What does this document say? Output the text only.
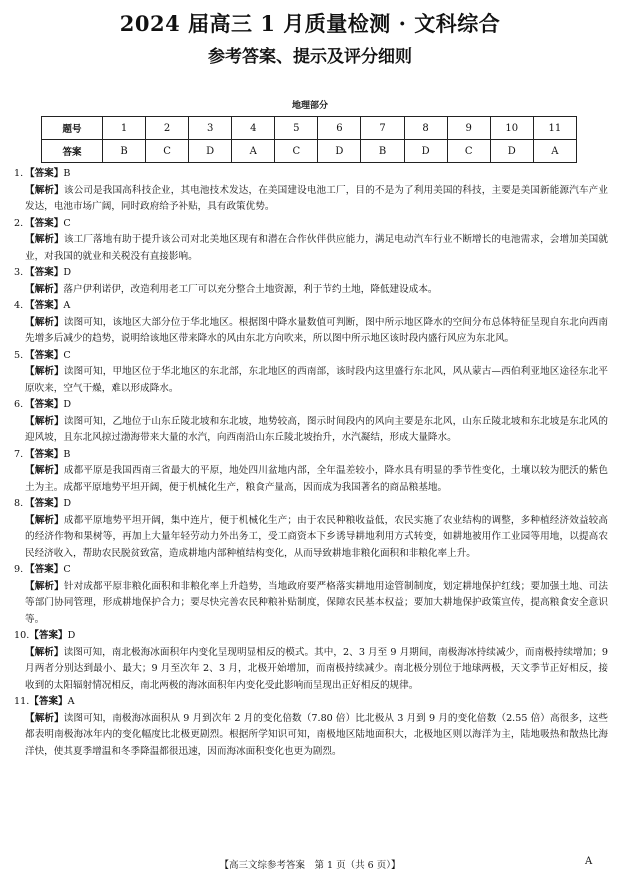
2024 届高三 1 月质量检测 · 文科综合
参考答案、提示及评分细则
地理部分
题号	1	2	3	4	5	6	7	8	9	10	11
答案	B	C	D	A	C	D	B	D	C	D	A

1. 【答案】B

【解析】该公司是我国高科技企业，其电池技术发达，在美国建设电池工厂，目的不是为了利用美国的科技，主要是美国新能源汽车产业发达，电池市场广阔，同时政府给予补贴，具有政策优势。

2. 【答案】C

【解析】该工厂落地有助于提升该公司对北美地区现有和潜在合作伙伴供应能力，满足电动汽车行业不断增长的电池需求，会增加美国就业，对我国的就业和关税没有直接影响。

3. 【答案】D

【解析】落户伊利诺伊，改造利用老工厂可以充分整合土地资源，利于节约土地，降低建设成本。

4. 【答案】A

【解析】读图可知，该地区大部分位于华北地区。根据图中降水量数值可判断，图中所示地区降水的空间分布总体特征呈现自东北向西南先增多后减少的趋势，说明给该地区带来降水的风由东北方向吹来，所以图中所示地区该时段内盛行风应为东北风。

5. 【答案】C

【解析】读图可知，甲地区位于华北地区的东北部，东北地区的西南部，该时段内这里盛行东北风，风从蒙古—西伯利亚地区途径东北平原吹来，空气干燥，难以形成降水。

6. 【答案】D

【解析】读图可知，乙地位于山东丘陵北坡和东北坡，地势较高，图示时间段内的风向主要是东北风，山东丘陵北坡和东北坡是东北风的迎风坡，且东北风掠过渤海带来大量的水汽，向西南沿山东丘陵北坡抬升，水汽凝结，形成大量降水。

7. 【答案】B

【解析】成都平原是我国西南三省最大的平原，地处四川盆地内部，全年温差较小，降水具有明显的季节性变化，土壤以较为肥沃的紫色土为主。成都平原地势平坦开阔，便于机械化生产，粮食产量高，因而成为我国著名的商品粮基地。

8. 【答案】D

【解析】成都平原地势平坦开阔，集中连片，便于机械化生产；由于农民种粮收益低，农民实施了农业结构的调整，多种植经济效益较高的经济作物和果树等，再加上大量年轻劳动力外出务工，受工商资本下乡诱导耕地利用方式转变，如耕地被用作工业园等用地，以提高农民经济收入，帮助农民脱贫致富，造成耕地内部种植结构变化，从而导致耕地非粮化面积和非粮化率上升。

9. 【答案】C

【解析】针对成都平原非粮化面积和非粮化率上升趋势，当地政府要严格落实耕地用途管制制度，划定耕地保护红线；要加强土地、司法等部门协同管理，形成耕地保护合力；要尽快完善农民种粮补贴制度，保障农民基本权益；要加大耕地保护政策宣传，提高粮食安全意识等。

10.【答案】D

【解析】读图可知，南北极海冰面积年内变化呈现明显相反的模式。其中，2、3 月至 9 月期间，南极海冰持续减少，而南极持续增加；9 月两者分别达到最小、最大；9 月至次年 2、3 月，北极开始增加，而南极持续减少。南北极分别位于地球两极，天文季节正好相反，接收到的太阳辐射情况相反，南北两极的海冰面积年内变化受此影响而呈现出正好相反的规律。

11.【答案】A

【解析】读图可知，南极海冰面积从 9 月到次年 2 月的变化倍数（7.80 倍）比北极从 3 月到 9 月的变化倍数（2.55 倍）高很多，这些都表明南极海冰年内的变化幅度比北极更剧烈。根据所学知识可知，南极地区陆地面积大，北极地区则以海洋为主，陆地吸热和散热比海洋快，使其夏季增温和冬季降温都很迅速，因而海冰面积变化也更为剧烈。

【高三文综参考答案　第 1 页（共 6 页）】	A
